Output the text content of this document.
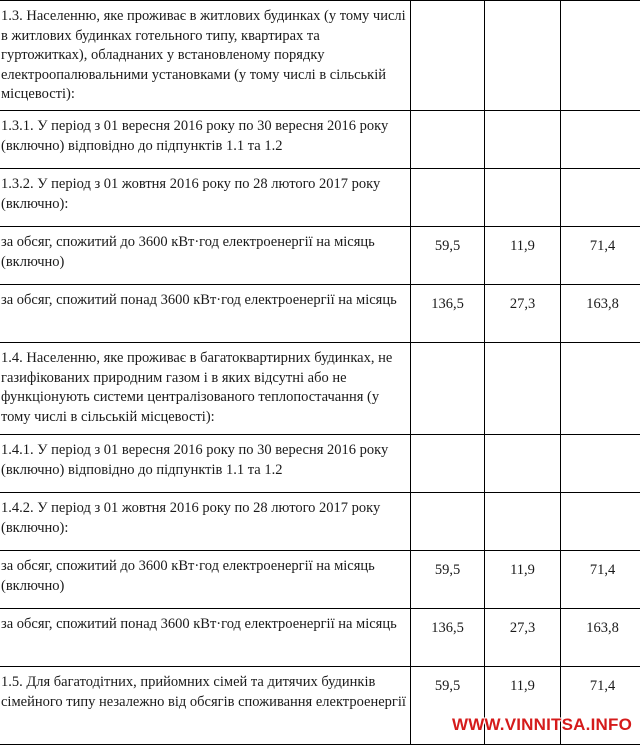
1.3. Населенню, яке проживає в житлових будинках (у тому числі в житлових будинках готельного типу, квартирах та гуртожитках), обладнаних у встановленому порядку електроопалювальними установками (у тому числі в сільській місцевості):			
1.3.1. У період з 01 вересня 2016 року по 30 вересня 2016 року (включно) відповідно до підпунктів 1.1 та 1.2			
1.3.2. У період з 01 жовтня 2016 року по 28 лютого 2017 року (включно):			
за обсяг, спожитий до 3600 кВт·год електроенергії на місяць (включно)	59,5	11,9	71,4
за обсяг, спожитий понад 3600 кВт·год електроенергії на місяць	136,5	27,3	163,8
1.4. Населенню, яке проживає в багатоквартирних будинках, не газифікованих природним газом і в яких відсутні або не функціонують системи централізованого теплопостачання (у тому числі в сільській місцевості):			
1.4.1. У період з 01 вересня 2016 року по 30 вересня 2016 року (включно) відповідно до підпунктів 1.1 та 1.2			
1.4.2. У період з 01 жовтня 2016 року по 28 лютого 2017 року (включно):			
за обсяг, спожитий до 3600 кВт·год електроенергії на місяць (включно)	59,5	11,9	71,4
за обсяг, спожитий понад 3600 кВт·год електроенергії на місяць	136,5	27,3	163,8
1.5. Для багатодітних, прийомних сімей та дитячих будинків сімейного типу незалежно від обсягів споживання електроенергії	59,5	11,9	71,4
WWW.VINNITSA.INFO
